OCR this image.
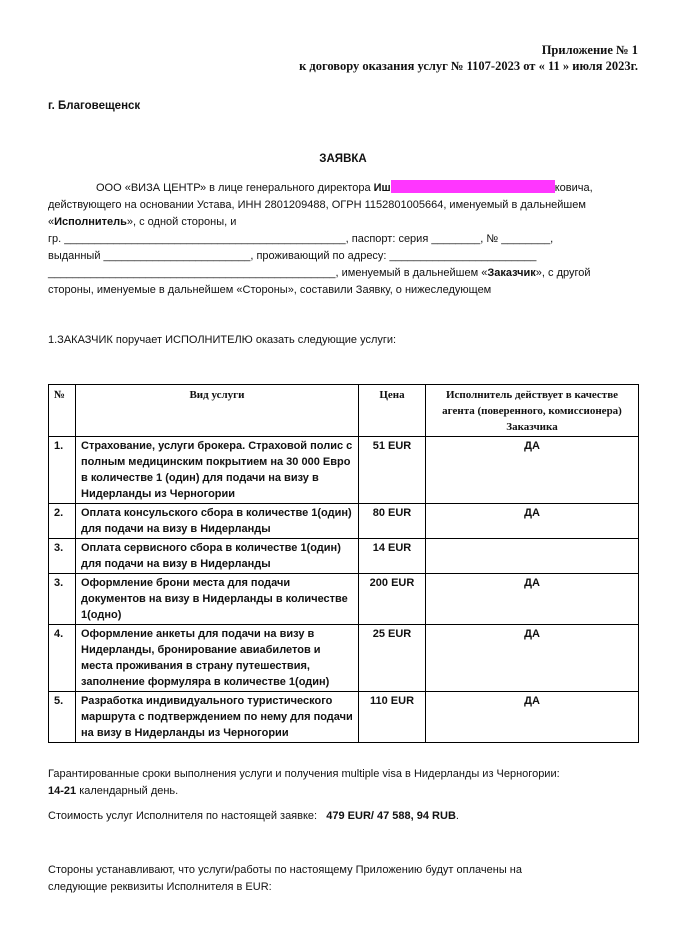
Приложение № 1
к договору оказания услуг № 1107-2023 от « 11 » июля 2023г.
г. Благовещенск
ЗАЯВКА
ООО «ВИЗА ЦЕНТР» в лице генерального директора Иш	ковича,
действующего на основании Устава, ИНН 2801209488, ОГРН 1152801005664, именуемый в дальнейшем
«Исполнитель», с одной стороны, и
гр. ______________________________________________, паспорт: серия ________, № ________,
выданный ________________________, проживающий по адресу: ________________________
_______________________________________________, именуемый в дальнейшем «Заказчик», с другой
стороны, именуемые в дальнейшем «Стороны», составили Заявку, о нижеследующем
1.ЗАКАЗЧИК поручает ИСПОЛНИТЕЛЮ оказать следующие услуги:
№	Вид услуги	Цена	Исполнитель действует в качестве агента (поверенного, комиссионера) Заказчика
1.	Страхование, услуги брокера. Страховой полис с полным медицинским покрытием на 30 000 Евро в количестве 1 (один) для подачи на визу в Нидерланды из Черногории	51 EUR	ДА
2.	Оплата консульского сбора в количестве 1(один) для подачи на визу в Нидерланды	80 EUR	ДА
3.	Оплата сервисного сбора в количестве 1(один) для подачи на визу в Нидерланды	14 EUR	
3.	Оформление брони места для подачи документов на визу в Нидерланды в количестве 1(одно)	200 EUR	ДА
4.	Оформление анкеты для подачи на визу в Нидерланды, бронирование авиабилетов и места проживания в страну путешествия, заполнение формуляра в количестве 1(один)	25 EUR	ДА
5.	Разработка индивидуального туристического маршрута с подтверждением по нему для подачи на визу в Нидерланды из Черногории	110 EUR	ДА
Гарантированные сроки выполнения услуги и получения multiple visa в Нидерланды из Черногории:
14-21 календарный день.
Стоимость услуг Исполнителя по настоящей заявке: 479 EUR/ 47 588, 94 RUB.
Стороны устанавливают, что услуги/работы по настоящему Приложению будут оплачены на
следующие реквизиты Исполнителя в EUR:
